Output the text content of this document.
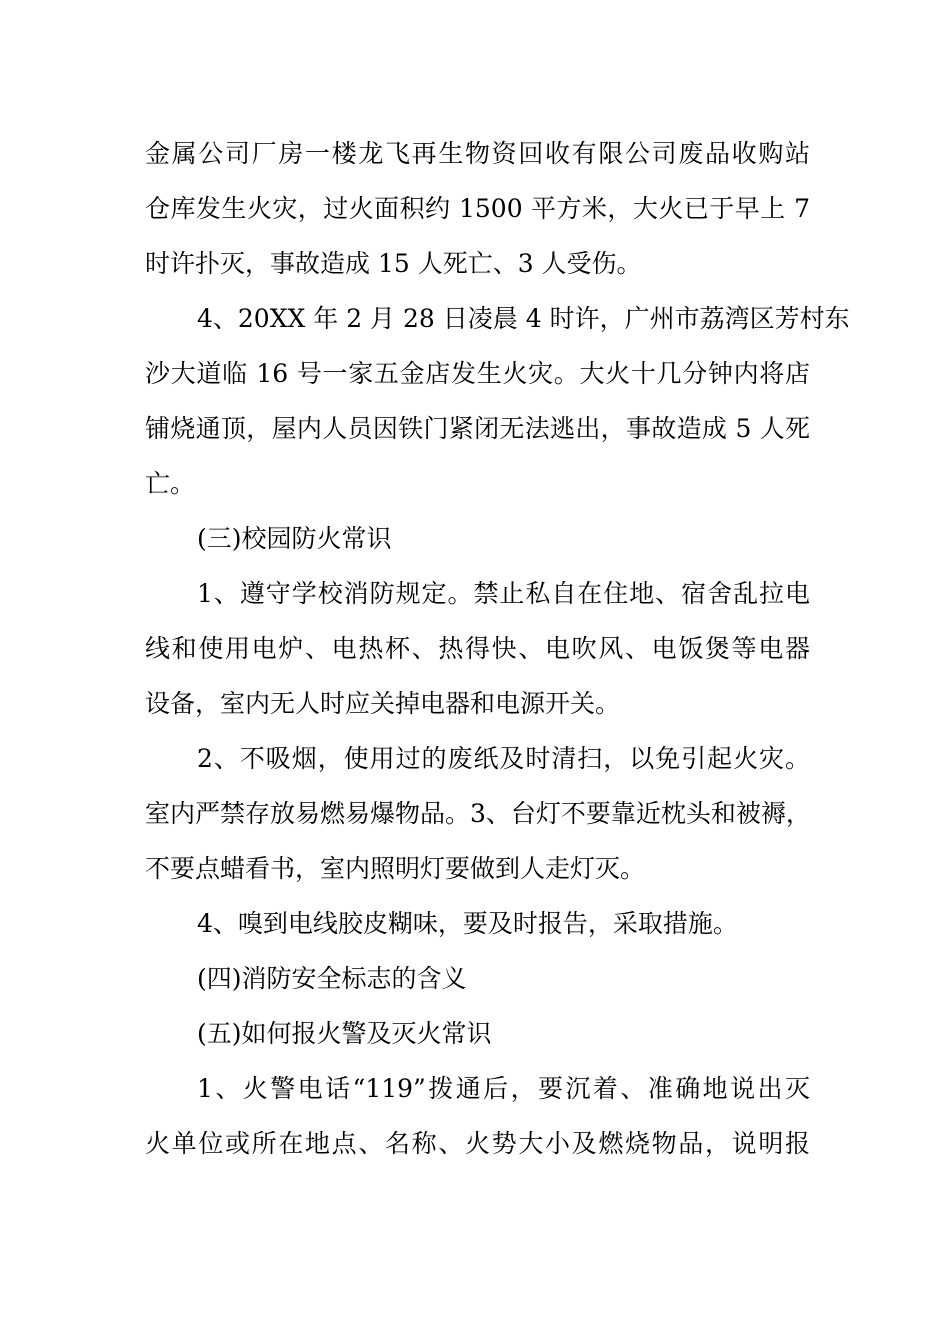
金属公司厂房一楼龙飞再生物资回收有限公司废品收购站
仓库发生火灾，过火面积约 1500 平方米，大火已于早上 7
时许扑灭，事故造成 15 人死亡、3 人受伤。
4、20XX 年 2 月 28 日凌晨 4 时许，广州市荔湾区芳村东
沙大道临 16 号一家五金店发生火灾。大火十几分钟内将店
铺烧通顶，屋内人员因铁门紧闭无法逃出，事故造成 5 人死
亡。
(三)校园防火常识
1、遵守学校消防规定。禁止私自在住地、宿舍乱拉电
线和使用电炉、电热杯、热得快、电吹风、电饭煲等电器
设备，室内无人时应关掉电器和电源开关。
2、不吸烟，使用过的废纸及时清扫，以免引起火灾。
室内严禁存放易燃易爆物品。3、台灯不要靠近枕头和被褥，
不要点蜡看书，室内照明灯要做到人走灯灭。
4、嗅到电线胶皮糊味，要及时报告，采取措施。
(四)消防安全标志的含义
(五)如何报火警及灭火常识
1、火警电话“119”拨通后，要沉着、准确地说出灭
火单位或所在地点、名称、火势大小及燃烧物品，说明报
